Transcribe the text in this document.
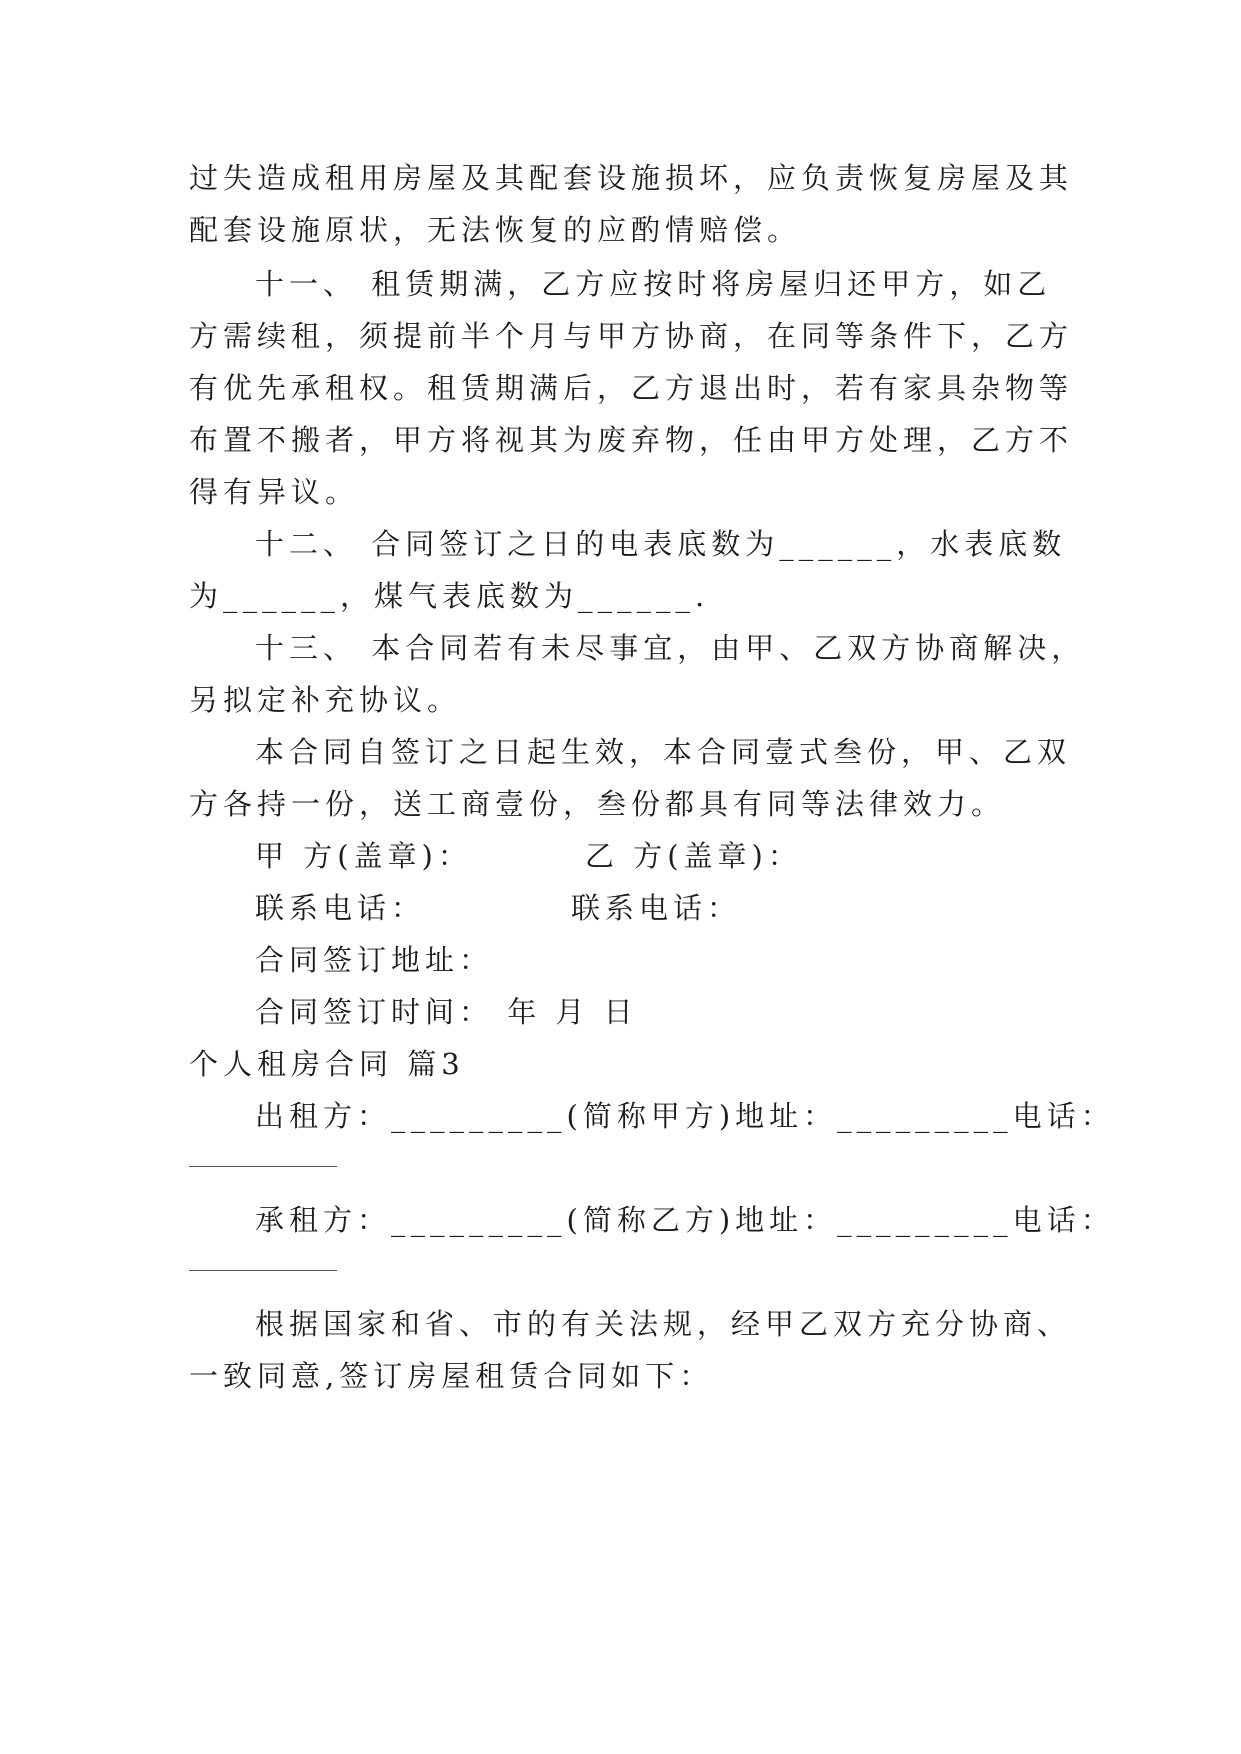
过失造成租用房屋及其配套设施损坏，应负责恢复房屋及其
配套设施原状，无法恢复的应酌情赔偿。
十一、 租赁期满，乙方应按时将房屋归还甲方，如乙
方需续租，须提前半个月与甲方协商，在同等条件下，乙方
有优先承租权。租赁期满后，乙方退出时，若有家具杂物等
布置不搬者，甲方将视其为废弃物，任由甲方处理，乙方不
得有异议。
十二、 合同签订之日的电表底数为______，水表底数
为______，煤气表底数为______.
十三、 本合同若有未尽事宜，由甲、乙双方协商解决，
另拟定补充协议。
本合同自签订之日起生效，本合同壹式叁份，甲、乙双
方各持一份，送工商壹份，叁份都具有同等法律效力。
甲 方(盖章)：	乙 方(盖章)：
联系电话：	联系电话：
合同签订地址：
合同签订时间： 年 月 日
个人租房合同 篇3
出租方：_________(简称甲方)地址：_________电话：
承租方：_________(简称乙方)地址：_________电话：
根据国家和省、市的有关法规，经甲乙双方充分协商、
一致同意,签订房屋租赁合同如下：
